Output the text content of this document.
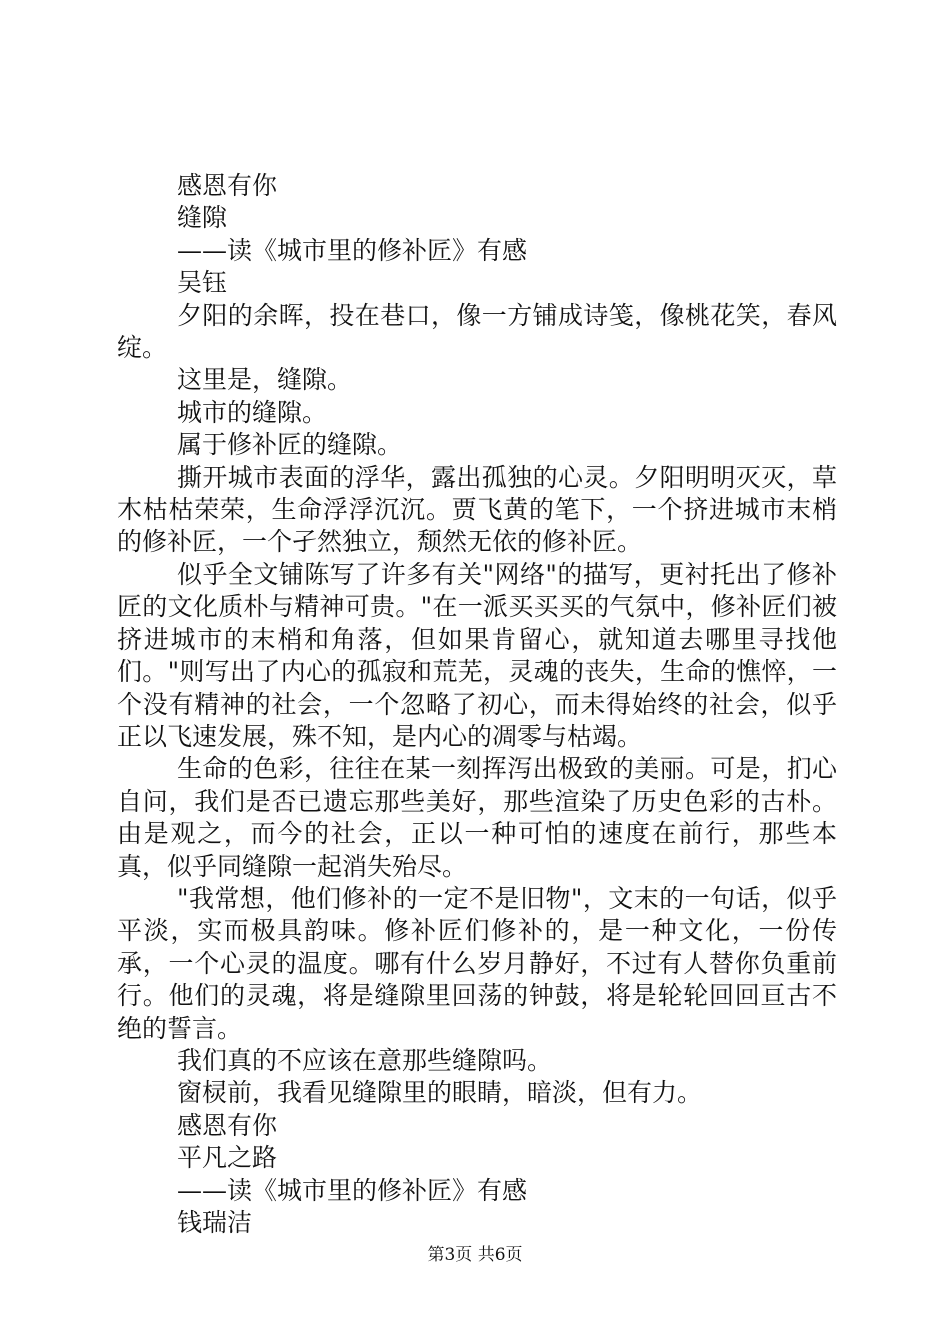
感恩有你

缝隙

——读《城市里的修补匠》有感

吴钰

夕阳的余晖，投在巷口，像一方铺成诗笺，像桃花笑，春风绽。

这里是，缝隙。

城市的缝隙。

属于修补匠的缝隙。

撕开城市表面的浮华，露出孤独的心灵。夕阳明明灭灭，草木枯枯荣荣，生命浮浮沉沉。贾飞黄的笔下，一个挤进城市末梢的修补匠，一个孑然独立，颓然无依的修补匠。

似乎全文铺陈写了许多有关"网络"的描写，更衬托出了修补匠的文化质朴与精神可贵。"在一派买买买的气氛中，修补匠们被挤进城市的末梢和角落，但如果肯留心，就知道去哪里寻找他们。"则写出了内心的孤寂和荒芜，灵魂的丧失，生命的憔悴，一个没有精神的社会，一个忽略了初心，而未得始终的社会，似乎正以飞速发展，殊不知，是内心的凋零与枯竭。

生命的色彩，往往在某一刻挥泻出极致的美丽。可是，扪心自问，我们是否已遗忘那些美好，那些渲染了历史色彩的古朴。由是观之，而今的社会，正以一种可怕的速度在前行，那些本真，似乎同缝隙一起消失殆尽。

"我常想，他们修补的一定不是旧物"，文末的一句话，似乎平淡，实而极具韵味。修补匠们修补的，是一种文化，一份传承，一个心灵的温度。哪有什么岁月静好，不过有人替你负重前行。他们的灵魂，将是缝隙里回荡的钟鼓，将是轮轮回回亘古不绝的誓言。

我们真的不应该在意那些缝隙吗。

窗棂前，我看见缝隙里的眼睛，暗淡，但有力。

感恩有你

平凡之路

——读《城市里的修补匠》有感

钱瑞洁

第3页 共6页
